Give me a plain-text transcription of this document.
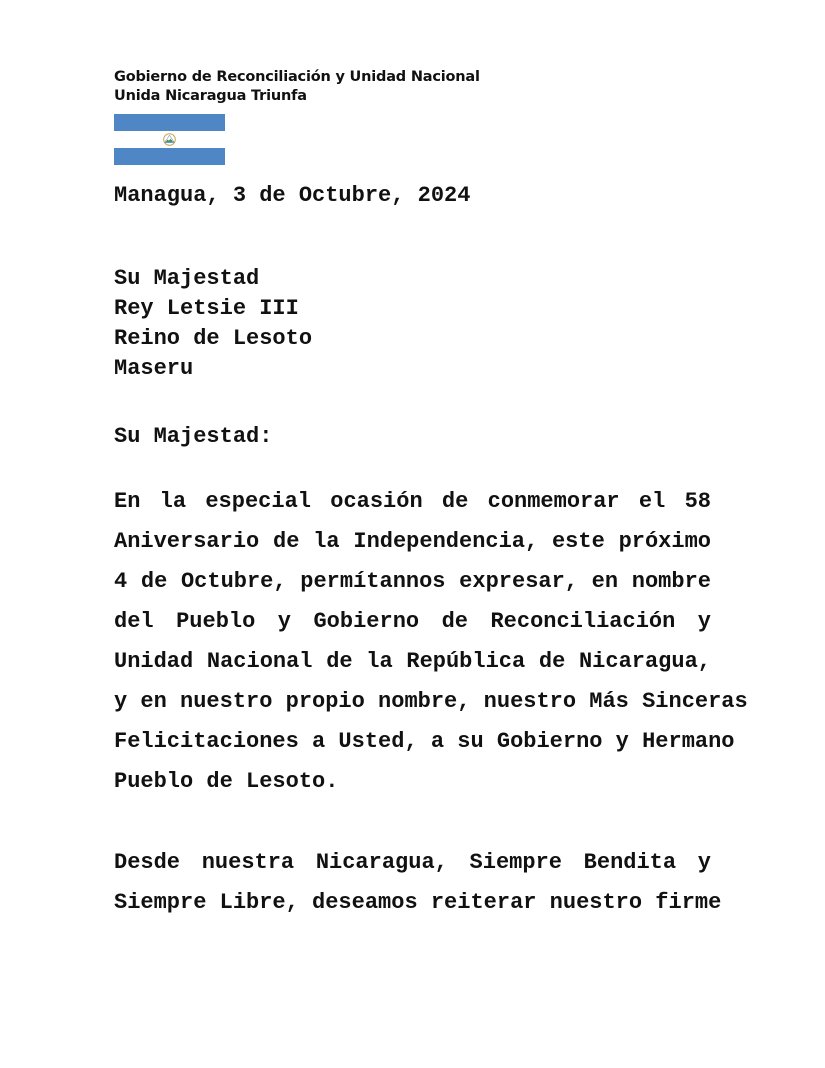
Gobierno de Reconciliación y Unidad Nacional
Unida Nicaragua Triunfa
Managua, 3 de Octubre, 2024
Su Majestad
Rey Letsie III
Reino de Lesoto
Maseru
Su Majestad:
En la especial ocasión de conmemorar el 58
Aniversario de la Independencia, este próximo
4 de Octubre, permítannos expresar, en nombre
del Pueblo y Gobierno de Reconciliación y
Unidad Nacional de la República de Nicaragua,
y en nuestro propio nombre, nuestro Más Sinceras
Felicitaciones a Usted, a su Gobierno y Hermano
Pueblo de Lesoto.
Desde nuestra Nicaragua, Siempre Bendita y
Siempre Libre, deseamos reiterar nuestro firme
